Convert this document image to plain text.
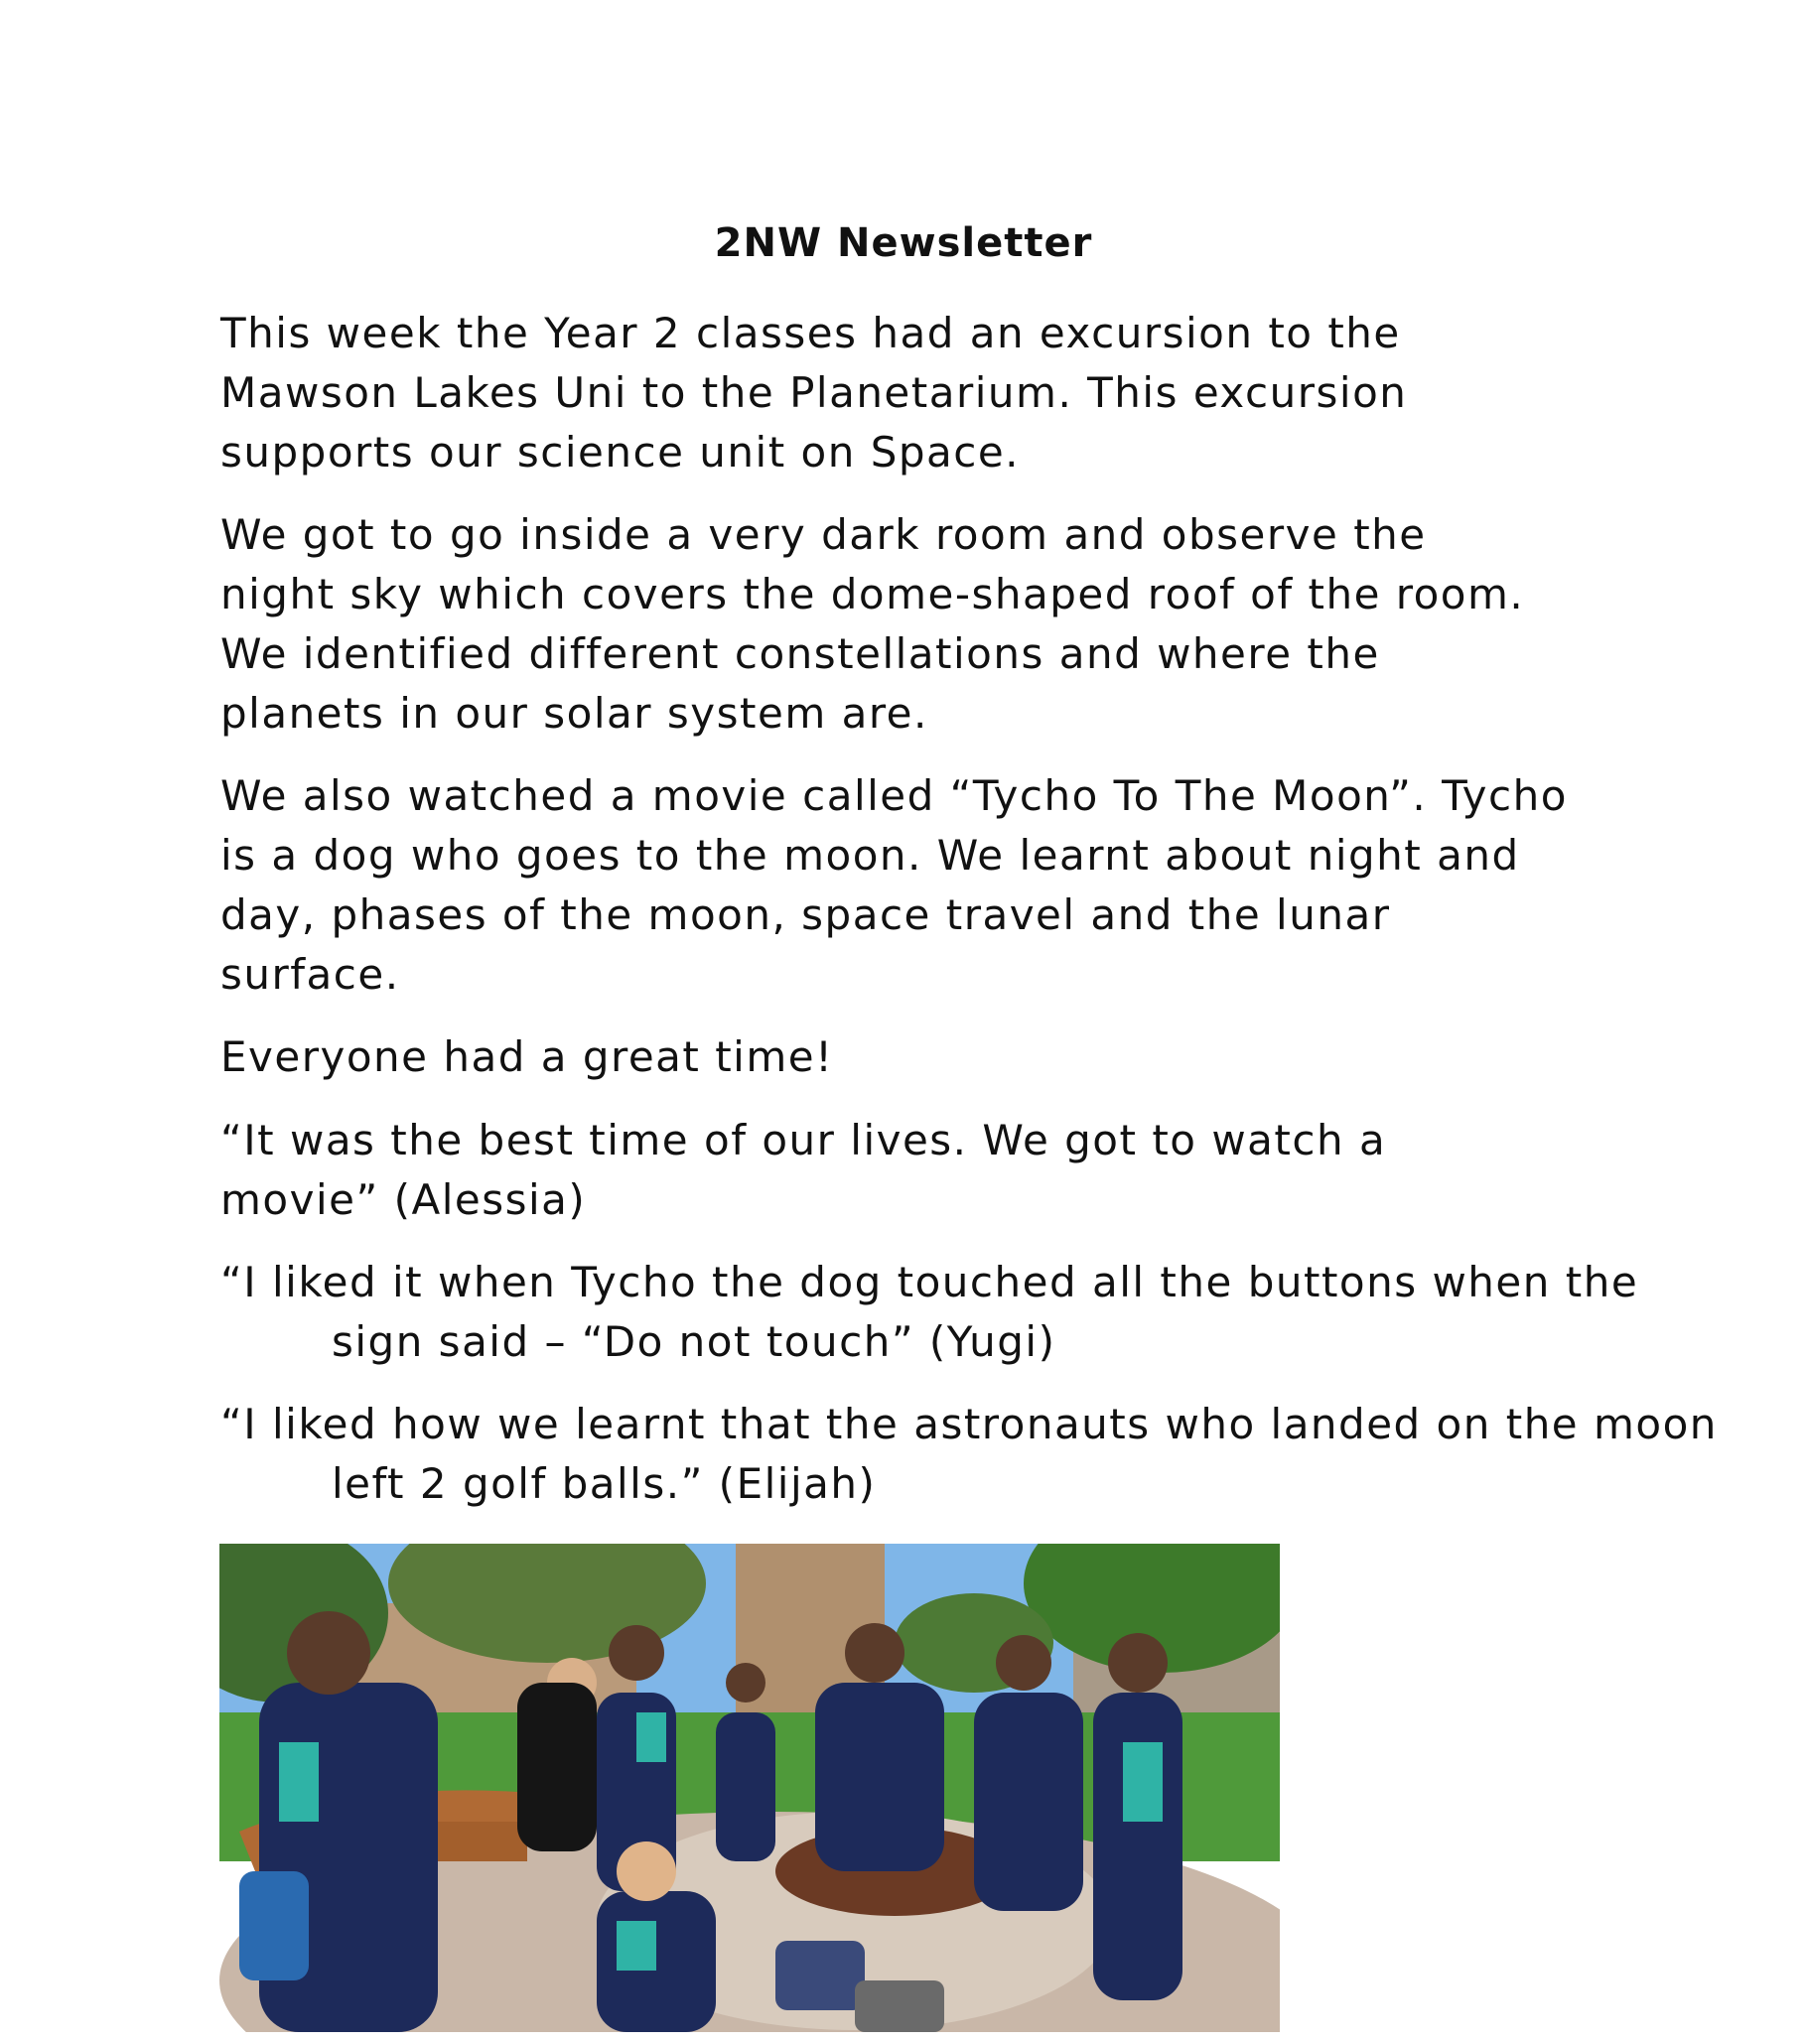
2NW Newsletter
This week the Year 2 classes had an excursion to the Mawson Lakes Uni to the Planetarium. This excursion supports our science unit on Space.
We got to go inside a very dark room and observe the night sky which covers the dome-shaped roof of the room. We identified different constellations and where the planets in our solar system are.
We also watched a movie called “Tycho To The Moon”. Tycho is a dog who goes to the moon. We learnt about night and day, phases of the moon, space travel and the lunar surface.
Everyone had a great time!
“It was the best time of our lives. We got to watch a movie” (Alessia)
“I liked it when Tycho the dog touched all the buttons when the sign said – “Do not touch” (Yugi)
“I liked how we learnt that the astronauts who landed on the moon left 2 golf balls.” (Elijah)
